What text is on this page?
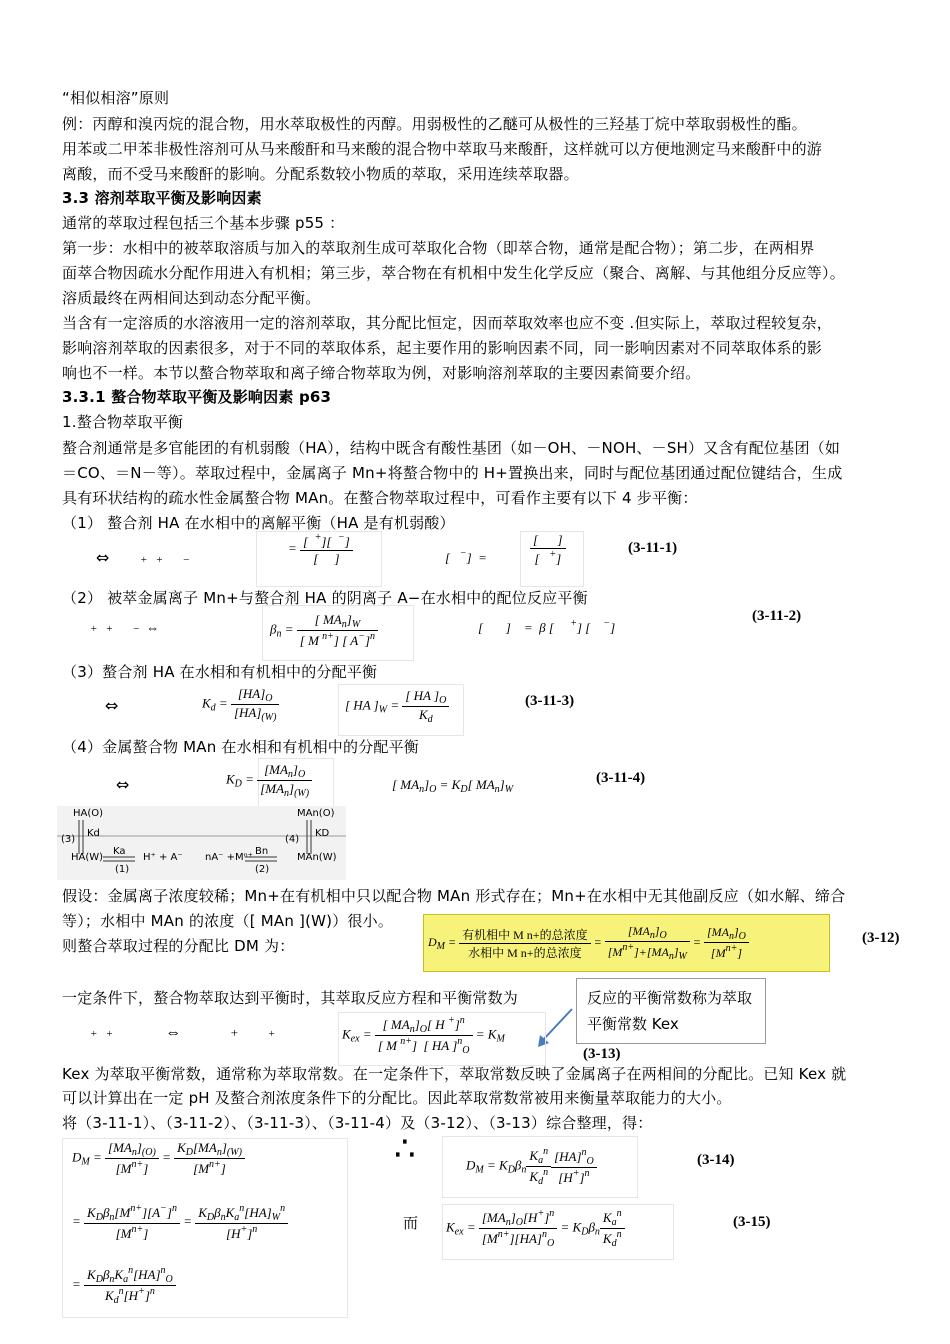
“相似相溶”原则
例：丙醇和溴丙烷的混合物，用水萃取极性的丙醇。用弱极性的乙醚可从极性的三羟基丁烷中萃取弱极性的酯。
用苯或二甲苯非极性溶剂可从马来酸酐和马来酸的混合物中萃取马来酸酐，这样就可以方便地测定马来酸酐中的游
离酸，而不受马来酸酐的影响。分配系数较小物质的萃取，采用连续萃取器。
3.3 溶剂萃取平衡及影响因素
通常的萃取过程包括三个基本步骤 p55 ：
第一步：水相中的被萃取溶质与加入的萃取剂生成可萃取化合物（即萃合物，通常是配合物）；第二步，在两相界
面萃合物因疏水分配作用进入有机相；第三步，萃合物在有机相中发生化学反应（聚合、离解、与其他组分反应等）。
溶质最终在两相间达到动态分配平衡。
当含有一定溶质的水溶液用一定的溶剂萃取，其分配比恒定，因而萃取效率也应不变 .但实际上，萃取过程较复杂，
影响溶剂萃取的因素很多，对于不同的萃取体系，起主要作用的影响因素不同，同一影响因素对不同萃取体系的影
响也不一样。本节以螯合物萃取和离子缔合物萃取为例，对影响溶剂萃取的主要因素简要介绍。
3.3.1 螯合物萃取平衡及影响因素 p63
1.螯合物萃取平衡
螯合剂通常是多官能团的有机弱酸（HA），结构中既含有酸性基团（如－OH、－NOH、－SH）又含有配位基团（如
＝CO、＝N－等）。萃取过程中，金属离子 Mn+将螯合物中的 H+置换出来，同时与配位基团通过配位键结合，生成
具有环状结构的疏水性金属螯合物 MAn。在螯合物萃取过程中，可看作主要有以下 4 步平衡：
（1） 螯合剂 HA 在水相中的离解平衡（HA 是有机弱酸）
⇔	+   +       −
= $\frac{[ ^+][ ^-]}{[ ]}$	[   −]  =	$\frac{[ ]}{[ ^+]}$	(3-11-1)
（2） 被萃金属离子 Mn+与螯合剂 HA 的阴离子 A−在水相中的配位反应平衡
+   +       − ⇔	$\beta_n = \frac{[ MA_n]_W}{[ M ^{n+}] [ A^-]^n}$	[       ]    =  β [     +] [    −]
(3-11-2)
（3）螯合剂 HA 在水相和有机相中的分配平衡
⇔	$K_d = \frac{[HA]_O}{[HA]_{(W)}}$	[ HA ]$_W = \frac{[ HA ]_O}{K_d}$	(3-11-3)
（4）金属螯合物 MAn 在水相和有机相中的分配平衡
⇔	$K_D = \frac{[MA_n]_O}{[MA_n]_{(W)}}$	[ $MA_n]_O = K_D$[ $MA_n]_W$
(3-11-4)
HA(O)
(3)
Kd
HA(W)
Ka
(1)
H⁺ + A⁻ nA⁻ +Mⁿ⁺
Bn
(2)
MAn(O)
(4)
KD
MAn(W)
假设：金属离子浓度较稀；Mn+在有机相中只以配合物 MAn 形式存在；Mn+在水相中无其他副反应（如水解、缔合
等）；水相中 MAn 的浓度（[ MAn ](W)）很小。
则螯合萃取过程的分配比 DM 为：	$D_M = \frac{\text{有机相中 M n+的总浓度}}{\text{水相中 M n+的总浓度}} = \frac{[MA_n]_O}{[M^{n+}]+[MA_n]_W} = \frac{[MA_n]_O}{[M^{n+}]}$	(3-12)
一定条件下，螯合物萃取达到平衡时，其萃取反应方程和平衡常数为	反应的平衡常数称为萃取平衡常数 Kex
+   +	⇔               +         +	$K_{ex} = \frac{[ MA_n]_O[ H ^+]^n}{[ M ^{n+}] [ HA ]^n_O} = K_M$
(3-13)
Kex 为萃取平衡常数，通常称为萃取常数。在一定条件下，萃取常数反映了金属离子在两相间的分配比。已知 Kex 就
可以计算出在一定 pH 及螯合剂浓度条件下的分配比。因此萃取常数常被用来衡量萃取能力的大小。
将（3-11-1）、（3-11-2）、（3-11-3）、（3-11-4）及（3-12）、（3-13）综合整理，得：
$D_M = \frac{[MA_n]_{(O)}}{[M^{n+}]} = \frac{K_D[MA_n]_{(W)}}{[M^{n+}]}$
= $\frac{K_D\beta_n[M^{n+}][A^-]^n}{[M^{n+}]} = \frac{K_D\beta_nK_a^n[HA]_W^n}{[H^+]^n}$
= $\frac{K_D\beta_nK_a^n[HA]^n_O}{K_d^n[H^+]^n}$
∴	$D_M = K_D\beta_n \frac{K_a^n}{K_d^n} \frac{[HA]^n_O}{[H^+]^n}$	(3-14)
而 $K_{ex} = \frac{[MA_n]_O[H^+]^n}{[M^{n+}][HA]^n_O} = K_D\beta_n \frac{K_a^n}{K_d^n}$	(3-15)
